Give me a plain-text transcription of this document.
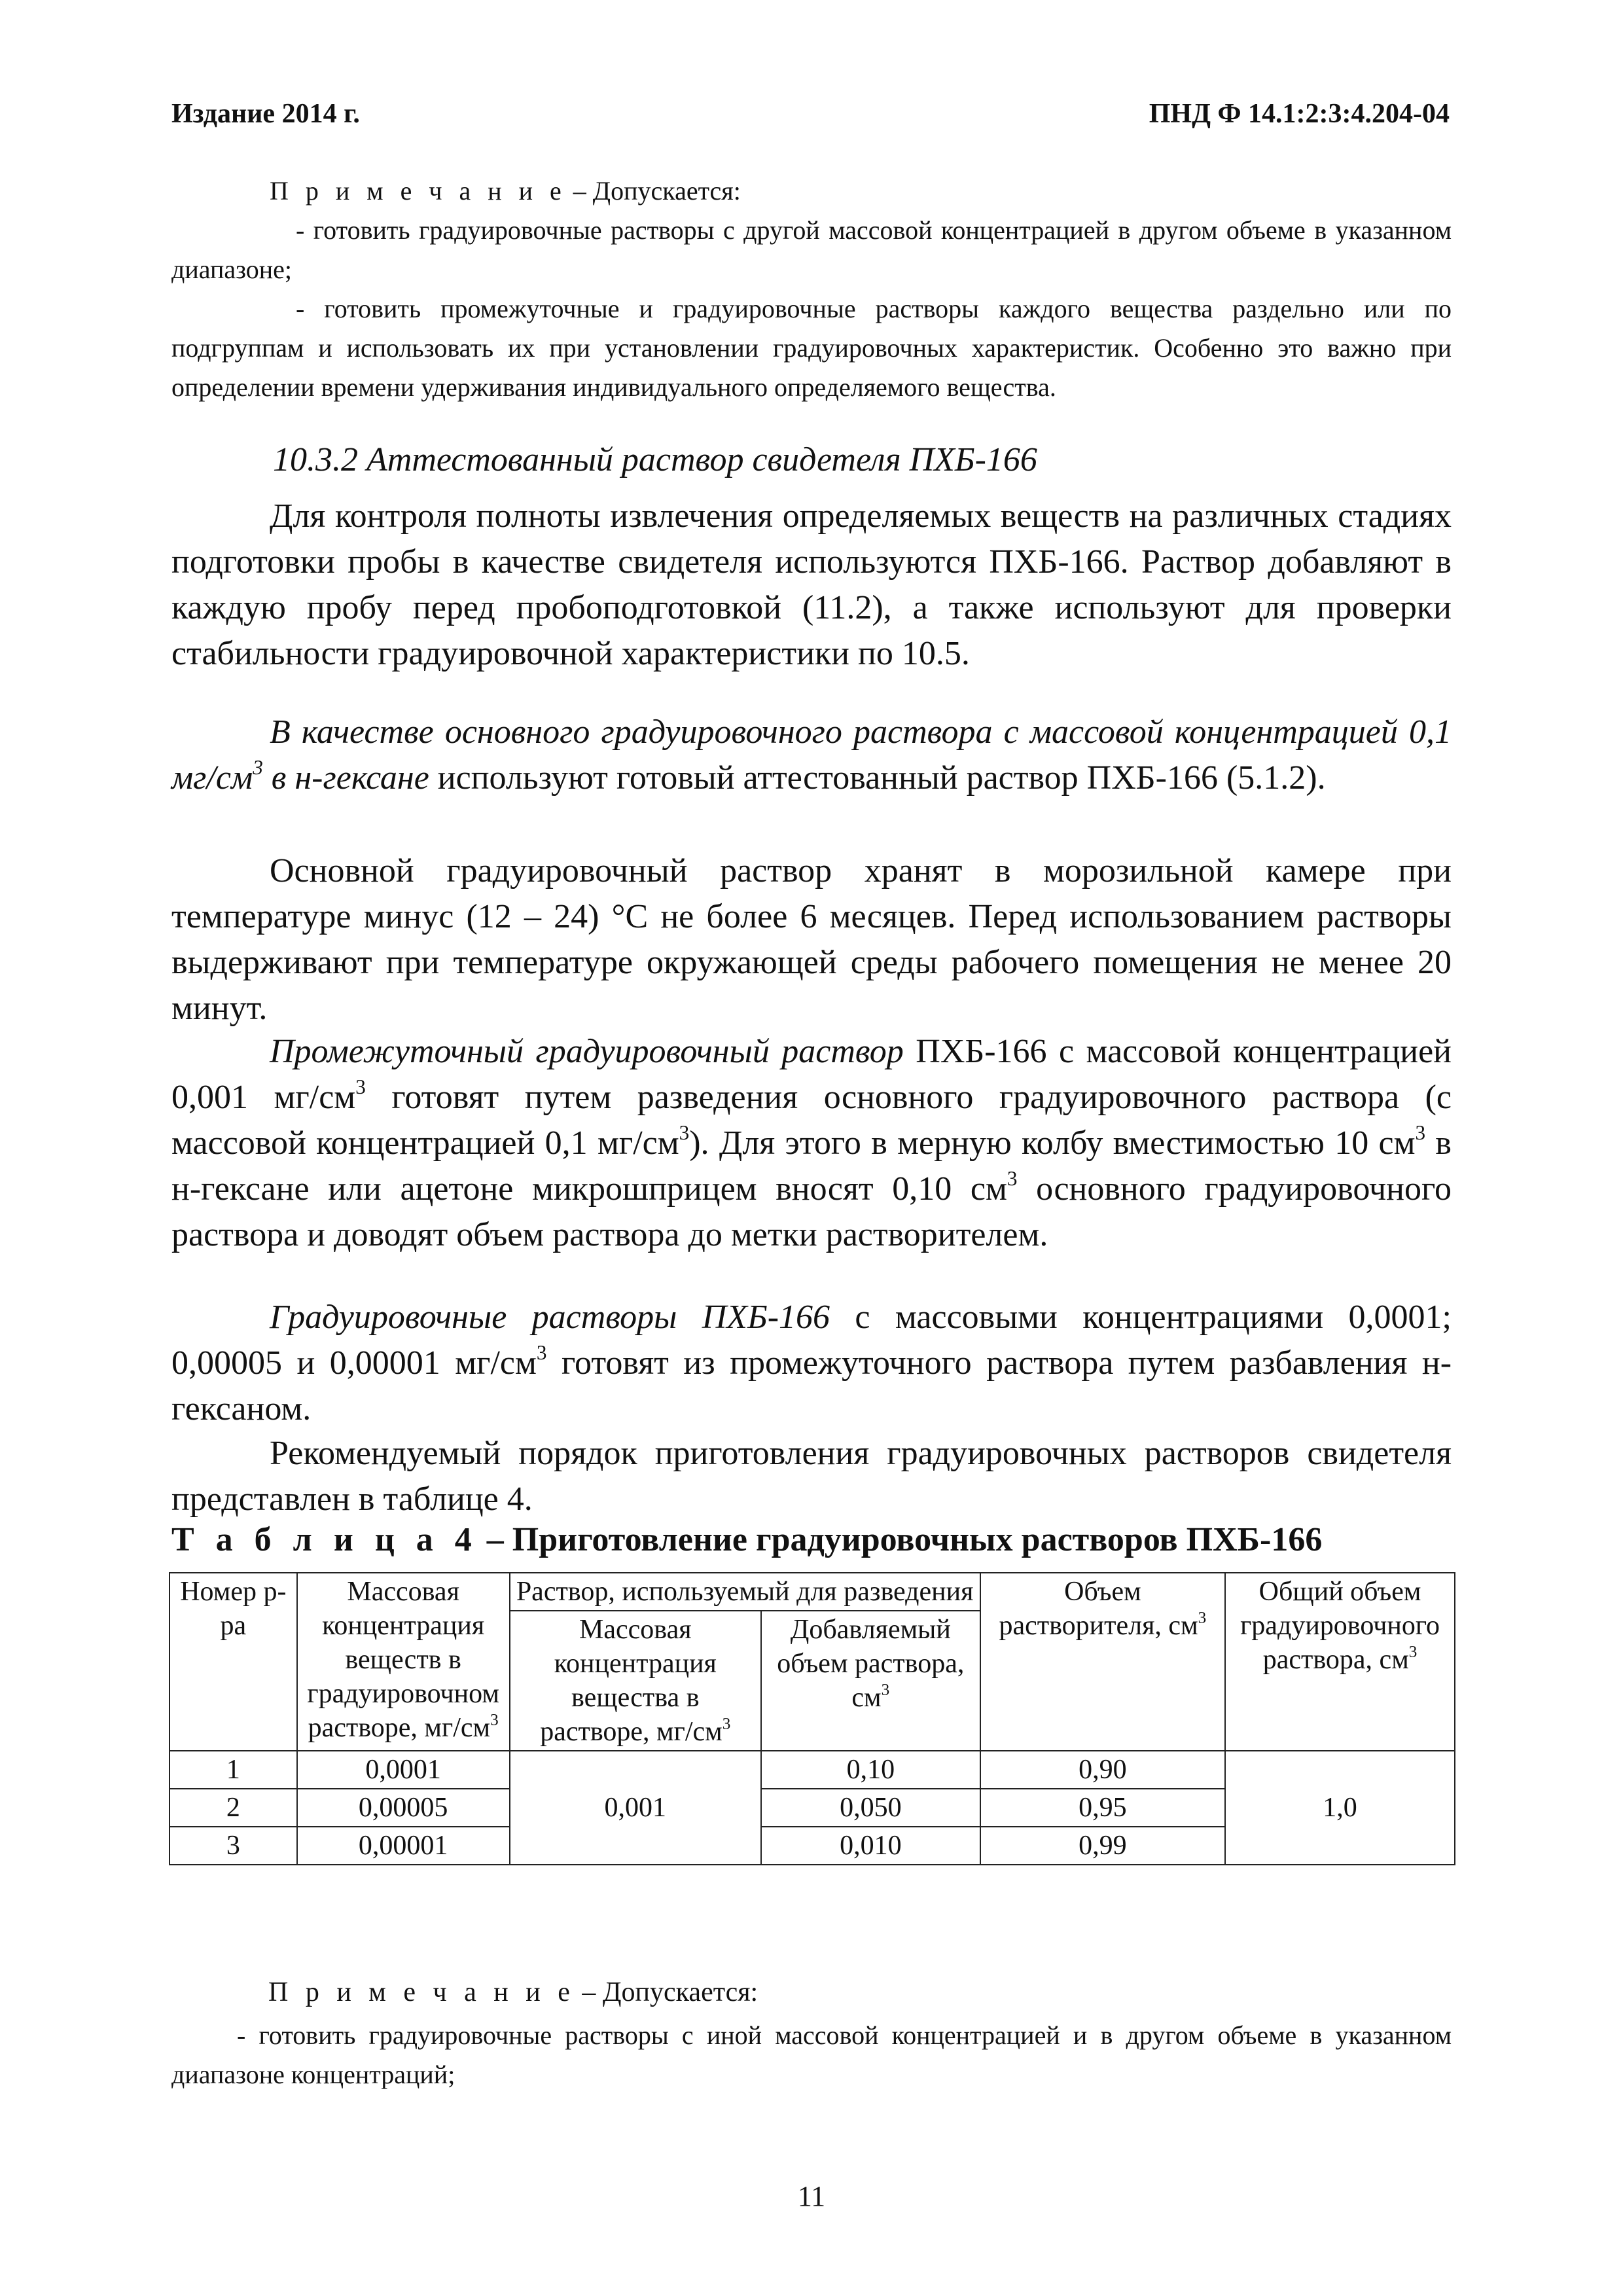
Издание 2014 г.	ПНД Ф 14.1:2:3:4.204-04
П р и м е ч а н и е – Допускается:
- готовить градуировочные растворы с другой массовой концентрацией в другом объеме в указанном диапазоне;
- готовить промежуточные и градуировочные растворы каждого вещества раздельно или по подгруппам и использовать их при установлении градуировочных характеристик. Особенно это важно при определении времени удерживания индивидуального определяемого вещества.
10.3.2 Аттестованный раствор свидетеля ПХБ-166
Для контроля полноты извлечения определяемых веществ на различных стадиях подготовки пробы в качестве свидетеля используются ПХБ-166. Раствор добавляют в каждую пробу перед пробоподготовкой (11.2), а также используют для проверки стабильности градуировочной характеристики по 10.5.
В качестве основного градуировочного раствора с массовой концентрацией 0,1 $мг/см^3$ в н-гексане используют готовый аттестованный раствор ПХБ-166 (5.1.2).
Основной градуировочный раствор хранят в морозильной камере при температуре минус (12 – 24) °С не более 6 месяцев. Перед использованием растворы выдерживают при температуре окружающей среды рабочего помещения не менее 20 минут.
Промежуточный градуировочный раствор ПХБ-166 с массовой концентрацией 0,001 $мг/см^3$ готовят путем разведения основного градуировочного раствора (с массовой концентрацией 0,1 $мг/см^3$). Для этого в мерную колбу вместимостью 10 $см^3$ в н-гексане или ацетоне микрошприцем вносят 0,10 $см^3$ основного градуировочного раствора и доводят объем раствора до метки растворителем.
Градуировочные растворы ПХБ-166 с массовыми концентрациями 0,0001; 0,00005 и 0,00001 $мг/см^3$ готовят из промежуточного раствора путем разбавления н-гексаном.
Рекомендуемый порядок приготовления градуировочных растворов свидетеля представлен в таблице 4.
Т а б л и ц а 4 – Приготовление градуировочных растворов ПХБ-166
Номер р-ра	Массовая концентрация веществ в градуировочном растворе, $мг/см^3$	Раствор, используемый для разведения		Объем растворителя, $см^3$	Общий объем градуировочного раствора, $см^3$
		Массовая концентрация вещества в растворе, $мг/см^3$	Добавляемый объем раствора, $см^3$
1	0,0001	0,001	0,10	0,90	1,0
2	0,00005		0,050	0,95	
3	0,00001		0,010	0,99	
П р и м е ч а н и е – Допускается:
- готовить градуировочные растворы с иной массовой концентрацией и в другом объеме в указанном диапазоне концентраций;
11
